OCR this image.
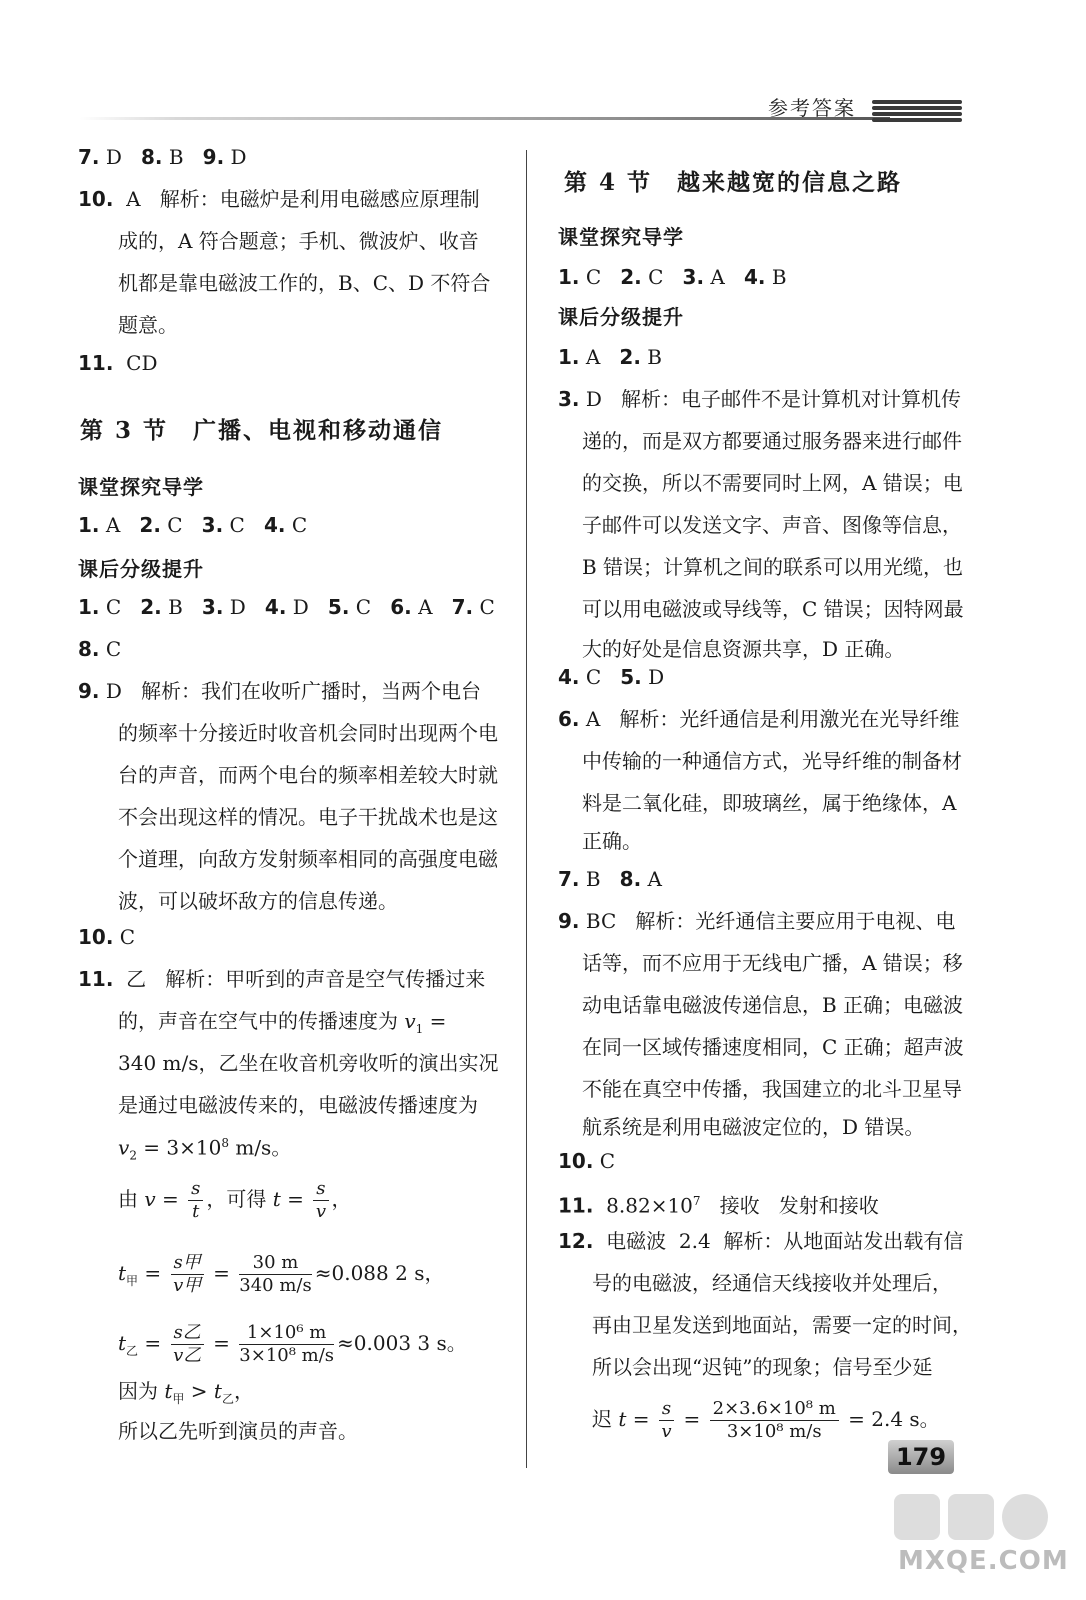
参考答案
7. D 8. B 9. D
10. A 解析：电磁炉是利用电磁感应原理制
成的，A 符合题意；手机、微波炉、收音
机都是靠电磁波工作的，B、C、D 不符合
题意。
11. CD
第 3 节　广播、电视和移动通信
课堂探究导学
1. A 2. C 3. C 4. C
课后分级提升
1. C 2. B 3. D 4. D 5. C 6. A 7. C
8. C
9. D 解析：我们在收听广播时，当两个电台
的频率十分接近时收音机会同时出现两个电
台的声音，而两个电台的频率相差较大时就
不会出现这样的情况。电子干扰战术也是这
个道理，向敌方发射频率相同的高强度电磁
波，可以破坏敌方的信息传递。
10. C
11. 乙 解析：甲听到的声音是空气传播过来
的，声音在空气中的传播速度为 $v_1$ =
340 m/s，乙坐在收音机旁收听的演出实况
是通过电磁波传来的，电磁波传播速度为
$v_2 = 3\times 10^8$ m/s。
由 $v = \frac{s}{t}$ ，可得 $t = \frac{s}{v}$ ，
$t_甲 = \frac{\text{s甲}}{\text{v甲}} = \frac{30 m}{340 m/s} \approx 0.088$ 2 s，
$t_乙 = \frac{\text{s乙}}{\text{v乙}} = \frac{\text{1×10⁶ m}}{\text{3×10⁸ m/s}} \approx 0.003$ 3 s。
因为 $t_甲 > t_乙$，
所以乙先听到演员的声音。
第 4 节　越来越宽的信息之路
课堂探究导学
1. C 2. C 3. A 4. B
课后分级提升
1. A 2. B
3. D 解析：电子邮件不是计算机对计算机传
递的，而是双方都要通过服务器来进行邮件
的交换，所以不需要同时上网，A 错误；电
子邮件可以发送文字、声音、图像等信息，
B 错误；计算机之间的联系可以用光缆，也
可以用电磁波或导线等，C 错误；因特网最
大的好处是信息资源共享，D 正确。
4. C 5. D
6. A 解析：光纤通信是利用激光在光导纤维
中传输的一种通信方式，光导纤维的制备材
料是二氧化硅，即玻璃丝，属于绝缘体，A
正确。
7. B 8. A
9. BC 解析：光纤通信主要应用于电视、电
话等，而不应用于无线电广播，A 错误；移
动电话靠电磁波传递信息，B 正确；电磁波
在同一区域传播速度相同，C 正确；超声波
不能在真空中传播，我国建立的北斗卫星导
航系统是利用电磁波定位的，D 错误。
10. C
11. $8.82\times 10^7$ 接收 发射和接收
12. 电磁波 2.4 解析：从地面站发出载有信
号的电磁波，经通信天线接收并处理后，
再由卫星发送到地面站，需要一定的时间，
所以会出现“迟钝”的现象；信号至少延
迟 $t = \frac{s}{v} = \frac{\text{2×3.6×10⁸ m}}{\text{3×10⁸ m/s}} = 2.4$ s。
179
MXQE.COM
